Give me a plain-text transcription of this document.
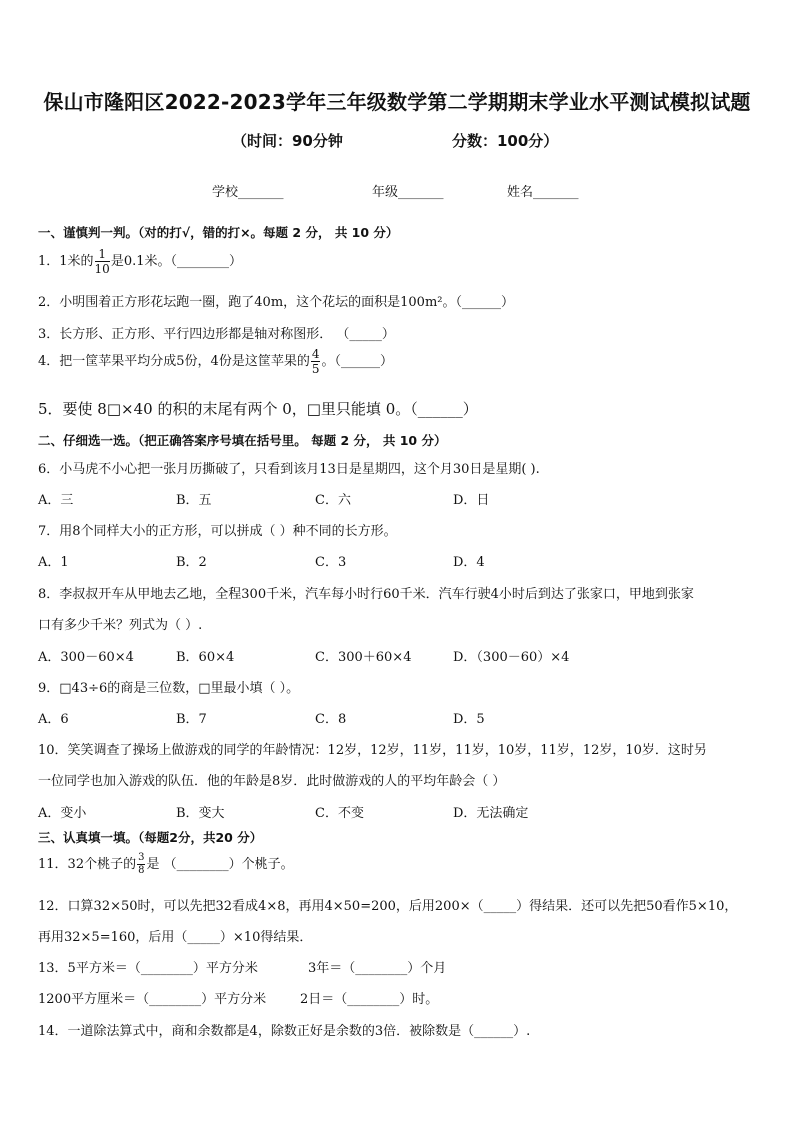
保山市隆阳区2022-2023学年三年级数学第二学期期末学业水平测试模拟试题
（时间：90分钟	分数：100分）
学校_______	年级_______	姓名_______
一、谨慎判一判。（对的打√，错的打×。每题 2 分， 共 10 分）
1．1米的 $\frac{1}{10}$ 是0.1米。（________）
2．小明围着正方形花坛跑一圈，跑了40m，这个花坛的面积是100m²。（______）
3．长方形、正方形、平行四边形都是轴对称图形． （_____）
4．把一筐苹果平均分成5份，4份是这筐苹果的 $\frac{4}{5}$ 。（______）
5．要使 8□×40 的积的末尾有两个 0，□里只能填 0。（______）
二、仔细选一选。（把正确答案序号填在括号里。 每题 2 分， 共 10 分）
6．小马虎不小心把一张月历撕破了，只看到该月13日是星期四，这个月30日是星期( ).
A．三	B．五	C．六	D．日
7．用8个同样大小的正方形，可以拼成（ ）种不同的长方形。
A．1	B．2	C．3	D．4
8．李叔叔开车从甲地去乙地，全程300千米，汽车每小时行60千米．汽车行驶4小时后到达了张家口，甲地到张家
口有多少千米？列式为（ ）.
A．300－60×4	B．60×4	C．300＋60×4	D．（300－60）×4
9．□43÷6的商是三位数，□里最小填（ ）。
A．6	B．7	C．8	D．5
10．笑笑调查了操场上做游戏的同学的年龄情况：12岁，12岁，11岁，11岁，10岁，11岁，12岁，10岁．这时另
一位同学也加入游戏的队伍．他的年龄是8岁．此时做游戏的人的平均年龄会（ ）
A．变小	B．变大	C．不变	D．无法确定
三、认真填一填。（每题2分，共20 分）
11．32个桃子的 $\frac{3}{8}$ 是 （________）个桃子。
12．口算32×50时，可以先把32看成4×8，再用4×50=200，后用200×（_____）得结果．还可以先把50看作5×10，
再用32×5=160，后用（_____）×10得结果．
13．5平方米＝（________）平方分米	3年＝（________）个月
1200平方厘米＝（________）平方分米	2日＝（________）时。
14．一道除法算式中，商和余数都是4，除数正好是余数的3倍．被除数是（______）.
